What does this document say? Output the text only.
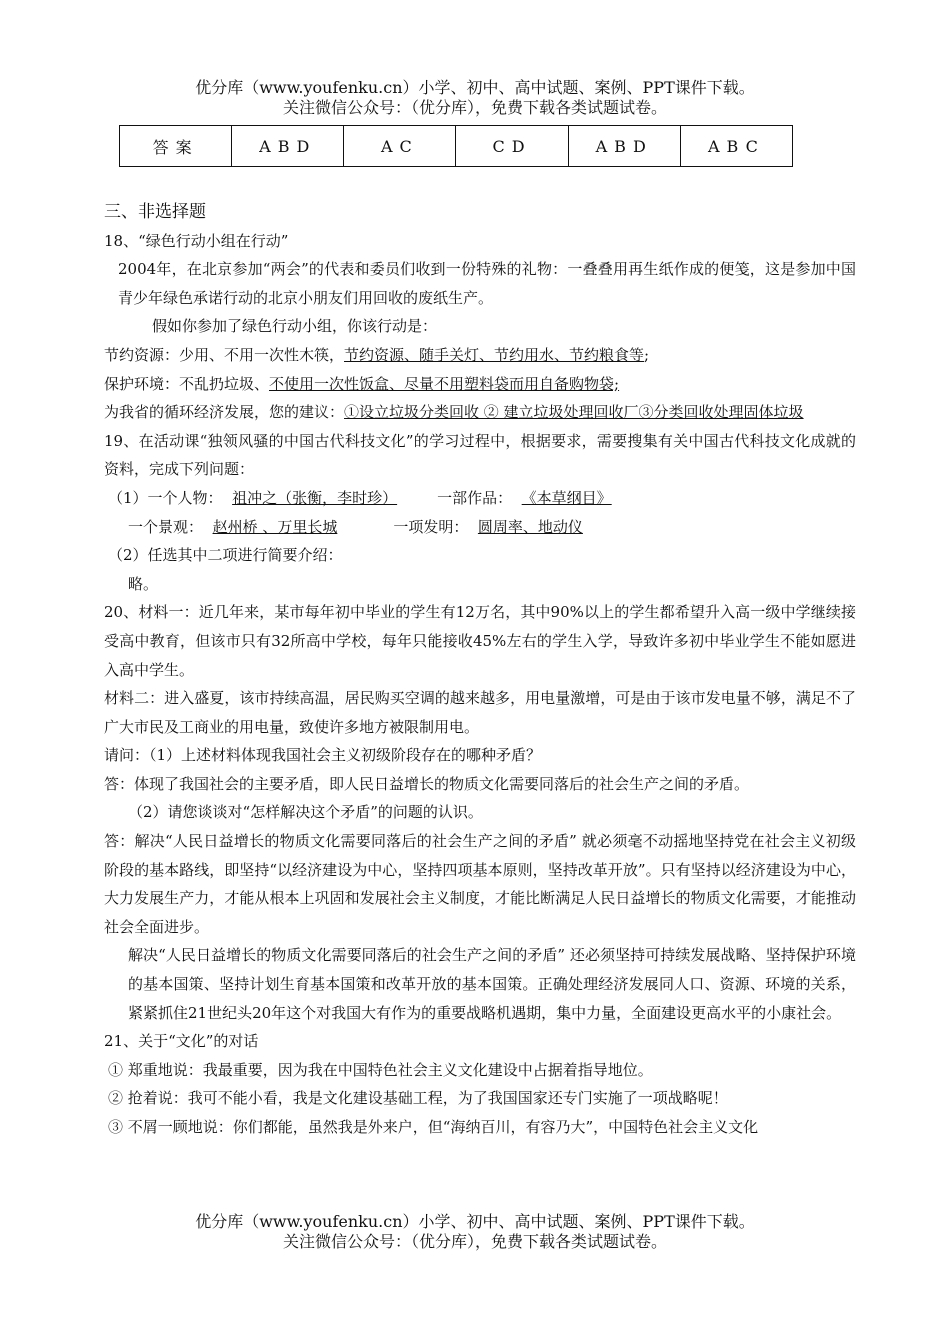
优分库（www.youfenku.cn）小学、初中、高中试题、案例、PPT课件下载。
关注微信公众号：（优分库），免费下载各类试题试卷。
答案	ABD	AC	CD	ABD	ABC

三、非选择题

18、“绿色行动小组在行动”

2004年，在北京参加“两会”的代表和委员们收到一份特殊的礼物：一叠叠用再生纸作成的便笺，这是参加中国青少年绿色承诺行动的北京小朋友们用回收的废纸生产。

假如你参加了绿色行动小组，你该行动是：

节约资源：少用、不用一次性木筷，节约资源、随手关灯、节约用水、节约粮食等;

保护环境：不乱扔垃圾、不使用一次性饭盒、尽量不用塑料袋而用自备购物袋;

为我省的循环经济发展，您的建议：①设立垃圾分类回收 ② 建立垃圾处理回收厂③分类回收处理固体垃圾

19、在活动课“独领风骚的中国古代科技文化”的学习过程中，根据要求，需要搜集有关中国古代科技文化成就的资料，完成下列问题：

（1）一个人物： 祖冲之（张衡，李时珍）	一部作品： 《本草纲目》

一个景观： 赵州桥 、万里长城	一项发明： 圆周率、地动仪

（2）任选其中二项进行简要介绍：

略。

20、材料一：近几年来，某市每年初中毕业的学生有12万名，其中90%以上的学生都希望升入高一级中学继续接受高中教育，但该市只有32所高中学校，每年只能接收45%左右的学生入学，导致许多初中毕业学生不能如愿进入高中学生。

材料二：进入盛夏，该市持续高温，居民购买空调的越来越多，用电量激增，可是由于该市发电量不够，满足不了广大市民及工商业的用电量，致使许多地方被限制用电。

请问：（1）上述材料体现我国社会主义初级阶段存在的哪种矛盾？

答：体现了我国社会的主要矛盾，即人民日益增长的物质文化需要同落后的社会生产之间的矛盾。

（2）请您谈谈对“怎样解决这个矛盾”的问题的认识。

答：解决“人民日益增长的物质文化需要同落后的社会生产之间的矛盾” 就必须毫不动摇地坚持党在社会主义初级阶段的基本路线，即坚持“以经济建设为中心，坚持四项基本原则，坚持改革开放”。只有坚持以经济建设为中心，大力发展生产力，才能从根本上巩固和发展社会主义制度，才能比断满足人民日益增长的物质文化需要，才能推动社会全面进步。

解决“人民日益增长的物质文化需要同落后的社会生产之间的矛盾” 还必须坚持可持续发展战略、坚持保护环境的基本国策、坚持计划生育基本国策和改革开放的基本国策。正确处理经济发展同人口、资源、环境的关系，紧紧抓住21世纪头20年这个对我国大有作为的重要战略机遇期，集中力量，全面建设更高水平的小康社会。

21、关于“文化”的对话

① 郑重地说：我最重要，因为我在中国特色社会主义文化建设中占据着指导地位。

② 抢着说：我可不能小看，我是文化建设基础工程，为了我国国家还专门实施了一项战略呢！

③ 不屑一顾地说：你们都能，虽然我是外来户，但“海纳百川，有容乃大”，中国特色社会主义文化

优分库（www.youfenku.cn）小学、初中、高中试题、案例、PPT课件下载。
关注微信公众号：（优分库），免费下载各类试题试卷。
